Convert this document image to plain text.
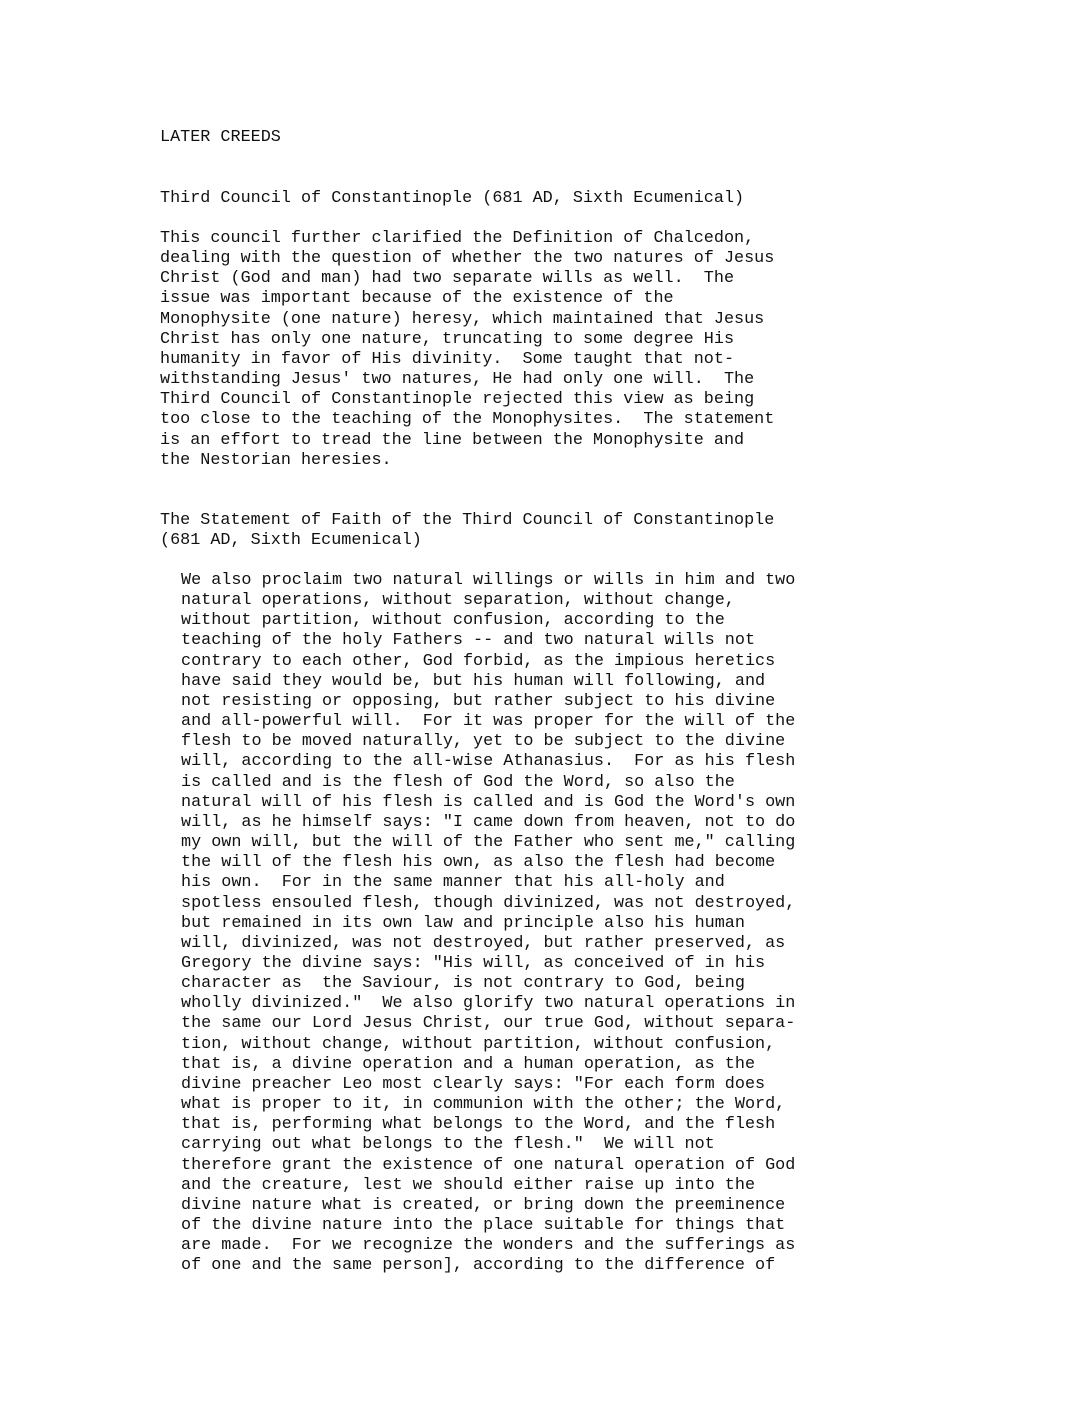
LATER CREEDS

Third Council of Constantinople (681 AD, Sixth Ecumenical)

This council further clarified the Definition of Chalcedon,
dealing with the question of whether the two natures of Jesus
Christ (God and man) had two separate wills as well.  The
issue was important because of the existence of the
Monophysite (one nature) heresy, which maintained that Jesus
Christ has only one nature, truncating to some degree His
humanity in favor of His divinity.  Some taught that not-
withstanding Jesus' two natures, He had only one will.  The
Third Council of Constantinople rejected this view as being
too close to the teaching of the Monophysites.  The statement
is an effort to tread the line between the Monophysite and
the Nestorian heresies.

The Statement of Faith of the Third Council of Constantinople
(681 AD, Sixth Ecumenical)

We also proclaim two natural willings or wills in him and two
natural operations, without separation, without change,
without partition, without confusion, according to the
teaching of the holy Fathers -- and two natural wills not
contrary to each other, God forbid, as the impious heretics
have said they would be, but his human will following, and
not resisting or opposing, but rather subject to his divine
and all-powerful will.  For it was proper for the will of the
flesh to be moved naturally, yet to be subject to the divine
will, according to the all-wise Athanasius.  For as his flesh
is called and is the flesh of God the Word, so also the
natural will of his flesh is called and is God the Word's own
will, as he himself says: "I came down from heaven, not to do
my own will, but the will of the Father who sent me," calling
the will of the flesh his own, as also the flesh had become
his own.  For in the same manner that his all-holy and
spotless ensouled flesh, though divinized, was not destroyed,
but remained in its own law and principle also his human
will, divinized, was not destroyed, but rather preserved, as
Gregory the divine says: "His will, as conceived of in his
character as  the Saviour, is not contrary to God, being
wholly divinized."  We also glorify two natural operations in
the same our Lord Jesus Christ, our true God, without separa-
tion, without change, without partition, without confusion,
that is, a divine operation and a human operation, as the
divine preacher Leo most clearly says: "For each form does
what is proper to it, in communion with the other; the Word,
that is, performing what belongs to the Word, and the flesh
carrying out what belongs to the flesh."  We will not
therefore grant the existence of one natural operation of God
and the creature, lest we should either raise up into the
divine nature what is created, or bring down the preeminence
of the divine nature into the place suitable for things that
are made.  For we recognize the wonders and the sufferings as
of one and the same person], according to the difference of
